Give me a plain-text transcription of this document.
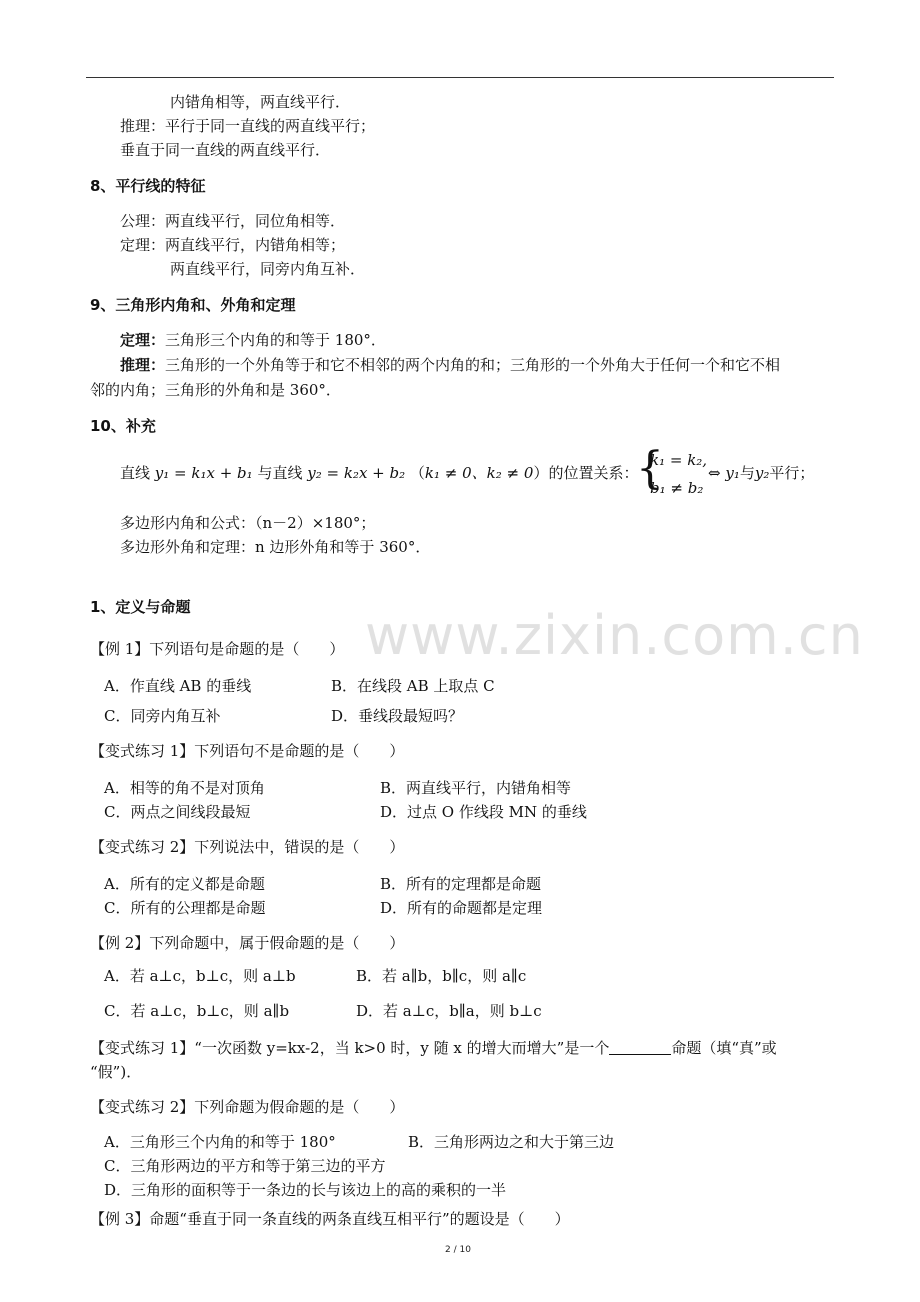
内错角相等，两直线平行．
推理：平行于同一直线的两直线平行；
垂直于同一直线的两直线平行．
8、平行线的特征
公理：两直线平行，同位角相等．
定理：两直线平行，内错角相等；
两直线平行，同旁内角互补．
9、三角形内角和、外角和定理
定理：三角形三个内角的和等于 180°．
推理：三角形的一个外角等于和它不相邻的两个内角的和；三角形的一个外角大于任何一个和它不相
邻的内角；三角形的外角和是 360°．
10、补充
直线 y₁ = k₁x + b₁ 与直线 y₂ = k₂x + b₂ （k₁ ≠ 0、k₂ ≠ 0）的位置关系：
{
k₁ = k₂,
b₁ ≠ b₂
⇔ y₁与y₂平行；
多边形内角和公式：（n－2）×180°；
多边形外角和定理：n 边形外角和等于 360°．
www.zixin.com.cn
1、定义与命题
【例 1】下列语句是命题的是（　　）
A．作直线 AB 的垂线	B．在线段 AB 上取点 C
C．同旁内角互补	D．垂线段最短吗？
【变式练习 1】下列语句不是命题的是（　　）
A．相等的角不是对顶角	B．两直线平行，内错角相等
C．两点之间线段最短	D．过点 O 作线段 MN 的垂线
【变式练习 2】下列说法中，错误的是（　　）
A．所有的定义都是命题	B．所有的定理都是命题
C．所有的公理都是命题	D．所有的命题都是定理
【例 2】下列命题中，属于假命题的是（　　）
A．若 a⊥c，b⊥c，则 a⊥b	B．若 a∥b，b∥c，则 a∥c
C．若 a⊥c，b⊥c，则 a∥b	D．若 a⊥c，b∥a，则 b⊥c
【变式练习 1】“一次函数 y=kx-2，当 k>0 时，y 随 x 的增大而增大”是一个	命题（填“真”或
“假”)．
【变式练习 2】下列命题为假命题的是（　　）
A．三角形三个内角的和等于 180°	B．三角形两边之和大于第三边
C．三角形两边的平方和等于第三边的平方
D．三角形的面积等于一条边的长与该边上的高的乘积的一半
【例 3】命题“垂直于同一条直线的两条直线互相平行”的题设是（　　）
2 / 10
